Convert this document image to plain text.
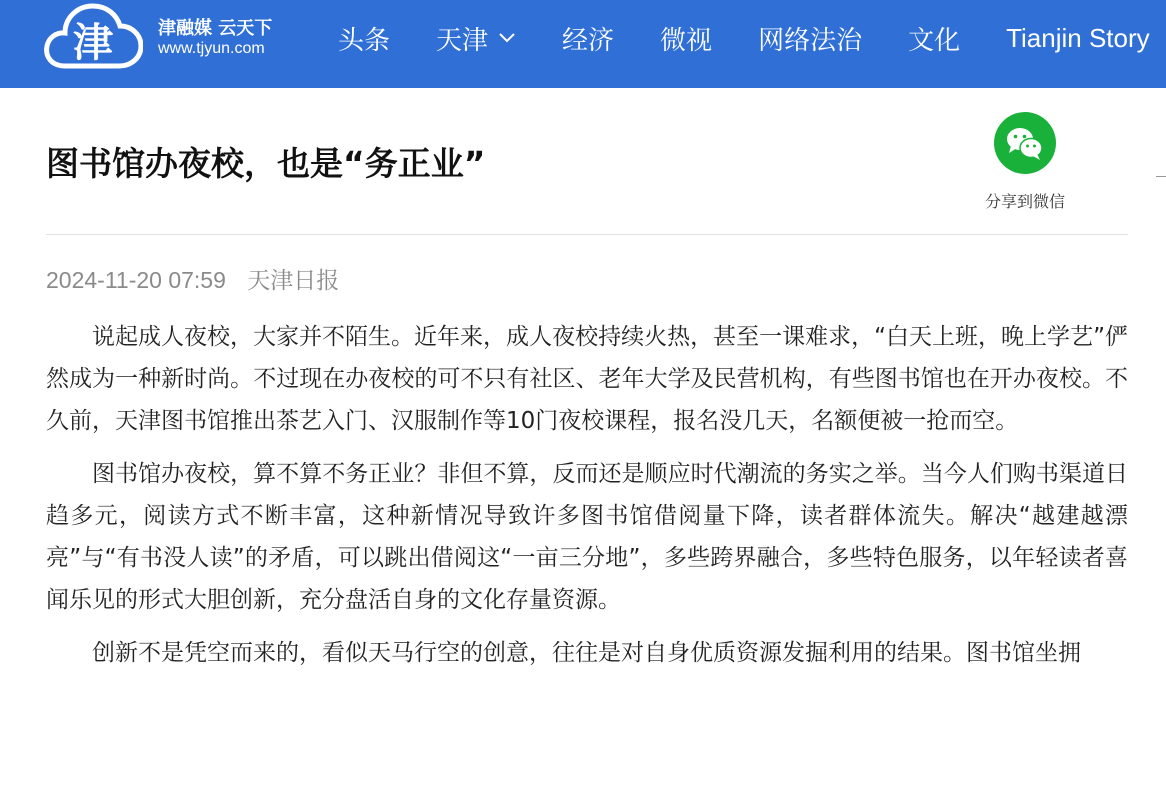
津	津融媒 云天下
www.tjyun.com	头条 天津	经济 微视 网络法治 文化 Tianjin Story
图书馆办夜校，也是“务正业”
分享到微信
2024-11-20 07:59 天津日报

说起成人夜校，大家并不陌生。近年来，成人夜校持续火热，甚至一课难求，“白天上班，晚上学艺”俨然成为一种新时尚。不过现在办夜校的可不只有社区、老年大学及民营机构，有些图书馆也在开办夜校。不久前，天津图书馆推出茶艺入门、汉服制作等10门夜校课程，报名没几天，名额便被一抢而空。

图书馆办夜校，算不算不务正业？非但不算，反而还是顺应时代潮流的务实之举。当今人们购书渠道日趋多元，阅读方式不断丰富，这种新情况导致许多图书馆借阅量下降，读者群体流失。解决“越建越漂亮”与“有书没人读”的矛盾，可以跳出借阅这“一亩三分地”，多些跨界融合，多些特色服务，以年轻读者喜闻乐见的形式大胆创新，充分盘活自身的文化存量资源。

创新不是凭空而来的，看似天马行空的创意，往往是对自身优质资源发掘利用的结果。图书馆坐拥
